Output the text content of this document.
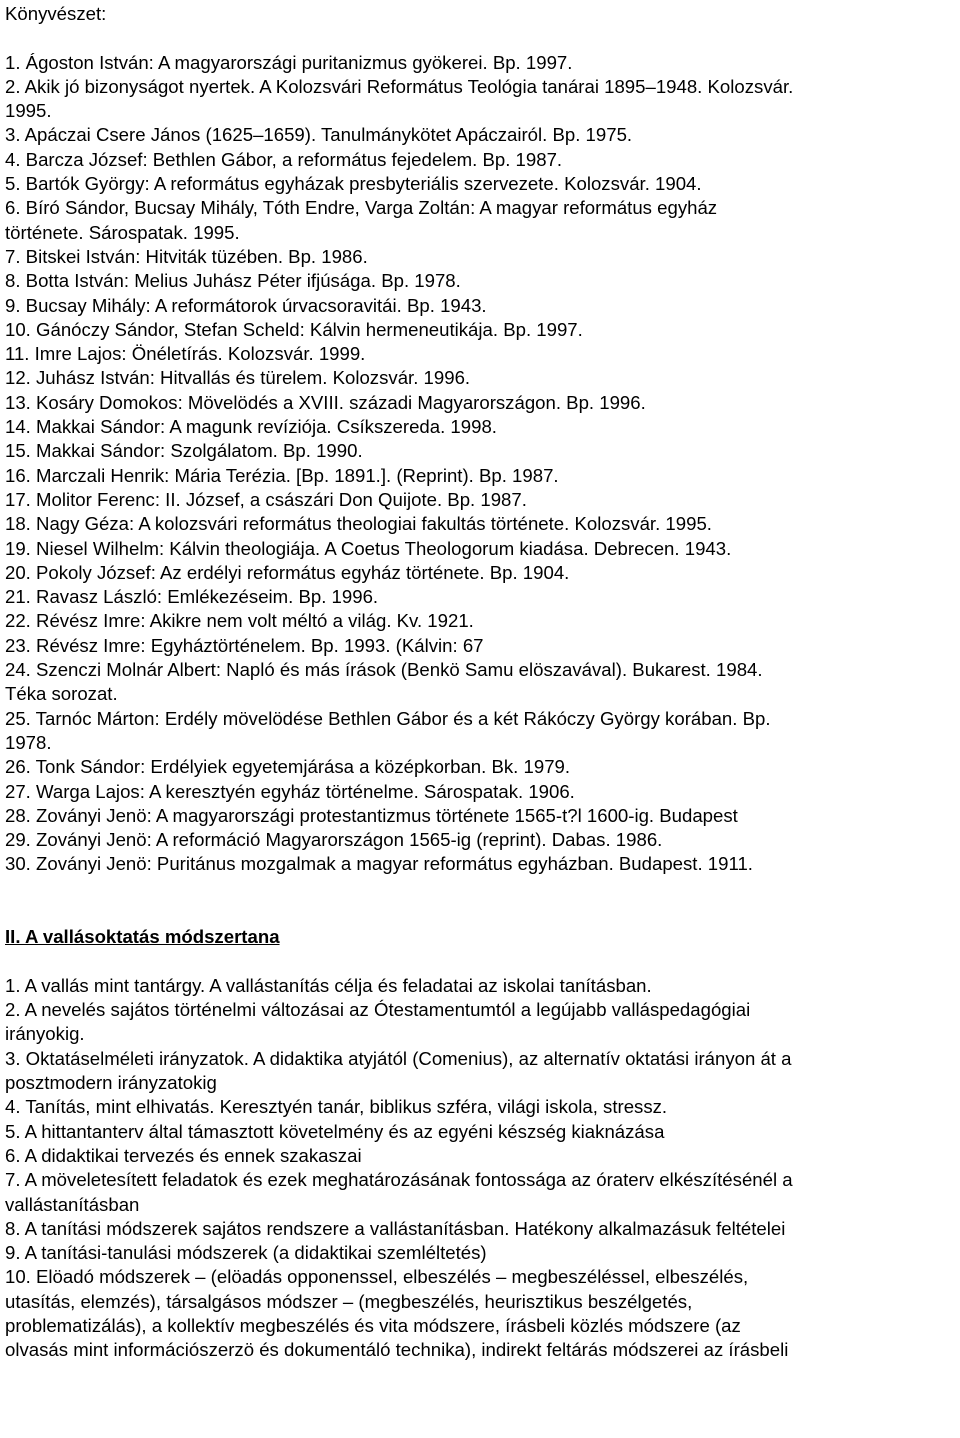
Könyvészet:
1. Ágoston István: A magyarországi puritanizmus gyökerei. Bp. 1997.
2. Akik jó bizonyságot nyertek. A Kolozsvári Református Teológia tanárai 1895–1948. Kolozsvár.
1995.
3. Apáczai Csere János (1625–1659). Tanulmánykötet Apáczairól. Bp. 1975.
4. Barcza József: Bethlen Gábor, a református fejedelem. Bp. 1987.
5. Bartók György: A református egyházak presbyteriális szervezete. Kolozsvár. 1904.
6. Bíró Sándor, Bucsay Mihály, Tóth Endre, Varga Zoltán: A magyar református egyház
története. Sárospatak. 1995.
7. Bitskei István: Hitviták tüzében. Bp. 1986.
8. Botta István: Melius Juhász Péter ifjúsága. Bp. 1978.
9. Bucsay Mihály: A reformátorok úrvacsoravitái. Bp. 1943.
10. Gánóczy Sándor, Stefan Scheld: Kálvin hermeneutikája. Bp. 1997.
11. Imre Lajos: Önéletírás. Kolozsvár. 1999.
12. Juhász István: Hitvallás és türelem. Kolozsvár. 1996.
13. Kosáry Domokos: Mövelödés a XVIII. századi Magyarországon. Bp. 1996.
14. Makkai Sándor: A magunk revíziója. Csíkszereda. 1998.
15. Makkai Sándor: Szolgálatom. Bp. 1990.
16. Marczali Henrik: Mária Terézia. [Bp. 1891.]. (Reprint). Bp. 1987.
17. Molitor Ferenc: II. József, a császári Don Quijote. Bp. 1987.
18. Nagy Géza: A kolozsvári református theologiai fakultás története. Kolozsvár. 1995.
19. Niesel Wilhelm: Kálvin theologiája. A Coetus Theologorum kiadása. Debrecen. 1943.
20. Pokoly József: Az erdélyi református egyház története. Bp. 1904.
21. Ravasz László: Emlékezéseim. Bp. 1996.
22. Révész Imre: Akikre nem volt méltó a világ. Kv. 1921.
23. Révész Imre: Egyháztörténelem. Bp. 1993. (Kálvin: 67
24. Szenczi Molnár Albert: Napló és más írások (Benkö Samu elöszavával). Bukarest. 1984.
Téka sorozat.
25. Tarnóc Márton: Erdély mövelödése Bethlen Gábor és a két Rákóczy György korában. Bp.
1978.
26. Tonk Sándor: Erdélyiek egyetemjárása a középkorban. Bk. 1979.
27. Warga Lajos: A keresztyén egyház történelme. Sárospatak. 1906.
28. Zoványi Jenö: A magyarországi protestantizmus története 1565-t?l 1600-ig. Budapest
29. Zoványi Jenö: A reformáció Magyarországon 1565-ig (reprint). Dabas. 1986.
30. Zoványi Jenö: Puritánus mozgalmak a magyar református egyházban. Budapest. 1911.
II. A vallásoktatás módszertana
1. A vallás mint tantárgy. A vallástanítás célja és feladatai az iskolai tanításban.
2. A nevelés sajátos történelmi változásai az Ótestamentumtól a legújabb valláspedagógiai
irányokig.
3. Oktatáselméleti irányzatok. A didaktika atyjától (Comenius), az alternatív oktatási irányon át a
posztmodern irányzatokig
4. Tanítás, mint elhivatás. Keresztyén tanár, biblikus szféra, világi iskola, stressz.
5. A hittantanterv által támasztott követelmény és az egyéni készség kiaknázása
6. A didaktikai tervezés és ennek szakaszai
7. A möveletesített feladatok és ezek meghatározásának fontossága az óraterv elkészítésénél a
vallástanításban
8. A tanítási módszerek sajátos rendszere a vallástanításban. Hatékony alkalmazásuk feltételei
9. A tanítási-tanulási módszerek (a didaktikai szemléltetés)
10. Elöadó módszerek – (elöadás opponenssel, elbeszélés – megbeszéléssel, elbeszélés,
utasítás, elemzés), társalgásos módszer – (megbeszélés, heurisztikus beszélgetés,
problematizálás), a kollektív megbeszélés és vita módszere, írásbeli közlés módszere (az
olvasás mint információszerzö és dokumentáló technika), indirekt feltárás módszerei az írásbeli
